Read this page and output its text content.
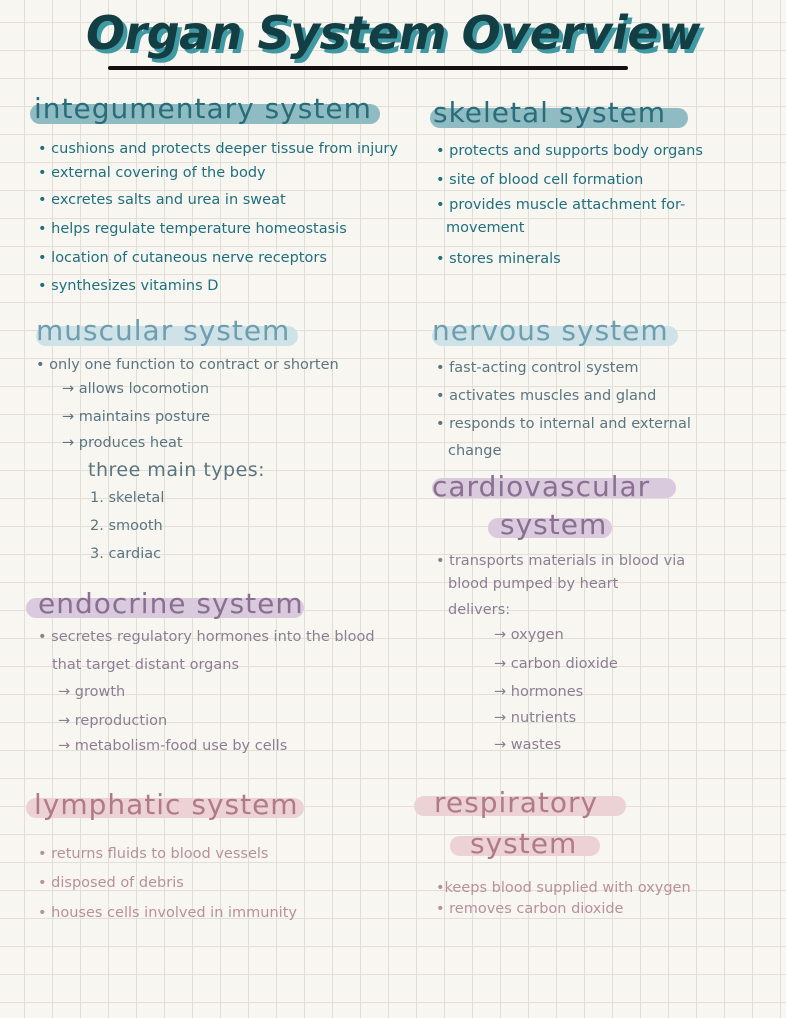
Organ System Overview
integumentary system
• cushions and protects deeper tissue from injury
• external covering of the body
• excretes salts and urea in sweat
• helps regulate temperature homeostasis
• location of cutaneous nerve receptors
• synthesizes vitamins D
skeletal system
• protects and supports body organs
• site of blood cell formation
• provides muscle attachment for-
movement
• stores minerals
muscular system
• only one function to contract or shorten
→ allows locomotion
→ maintains posture
→ produces heat
three main types:
1. skeletal
2. smooth
3. cardiac
nervous system
• fast-acting control system
• activates muscles and gland
• responds to internal and external
change
cardiovascular
system
• transports materials in blood via
blood pumped by heart
delivers:
→ oxygen
→ carbon dioxide
→ hormones
→ nutrients
→ wastes
endocrine system
• secretes regulatory hormones into the blood
that target distant organs
→ growth
→ reproduction
→ metabolism-food use by cells
lymphatic system
• returns fluids to blood vessels
• disposed of debris
• houses cells involved in immunity
respiratory
system
•keeps blood supplied with oxygen
• removes carbon dioxide
